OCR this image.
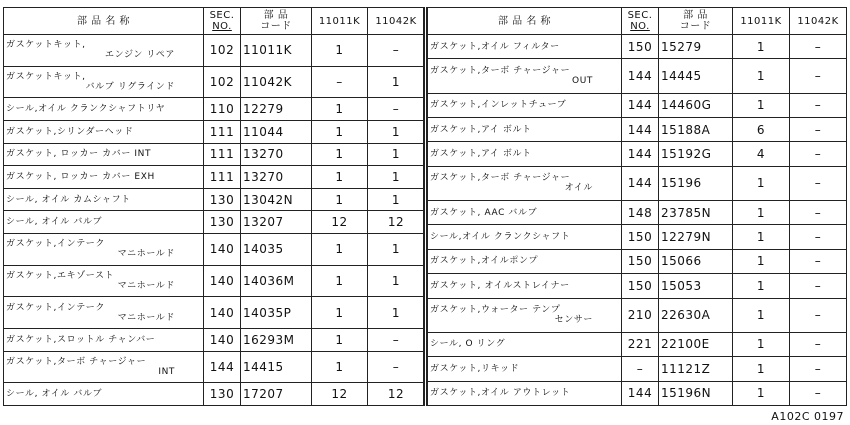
部 品 名 称	SEC.
NO.	部 品
コード	11011K	11042K
ガスケットキット,
エンジン リペア	102	11011K	1	–
ガスケットキット,
バルブ リグラインド	102	11042K	–	1
シール,オイル クランクシャフトリヤ	110	12279	1	–
ガスケット,シリンダーヘッド	111	11044	1	1
ガスケット, ロッカー カバー INT	111	13270	1	1
ガスケット, ロッカー カバー EXH	111	13270	1	1
シール, オイル カムシャフト	130	13042N	1	1
シール, オイル バルブ	130	13207	12	12
ガスケット,インテーク
マニホールド	140	14035	1	1
ガスケット,エキゾースト
マニホールド	140	14036M	1	1
ガスケット,インテーク
マニホールド	140	14035P	1	1
ガスケット,スロットル チャンバー	140	16293M	1	–
ガスケット,ターボ チャージャー
INT	144	14415	1	–
シール, オイル バルブ	130	17207	12	12
部 品 名 称	SEC.
NO.	部 品
コード	11011K	11042K
ガスケット,オイル フィルター	150	15279	1	–
ガスケット,ターボ チャージャー
OUT	144	14445	1	–
ガスケット,インレットチューブ	144	14460G	1	–
ガスケット,アイ ボルト	144	15188A	6	–
ガスケット,アイ ボルト	144	15192G	4	–
ガスケット,ターボ チャージャー
オイル	144	15196	1	–
ガスケット, AAC バルブ	148	23785N	1	–
シール,オイル クランクシャフト	150	12279N	1	–
ガスケット,オイルポンプ	150	15066	1	–
ガスケット, オイルストレイナー	150	15053	1	–
ガスケット,ウォーター テンプ
センサー	210	22630A	1	–
シール, O リング	221	22100E	1	–
ガスケット,リキッド	–	11121Z	1	–
ガスケット,オイル アウトレット	144	15196N	1	–
A102C 0197
